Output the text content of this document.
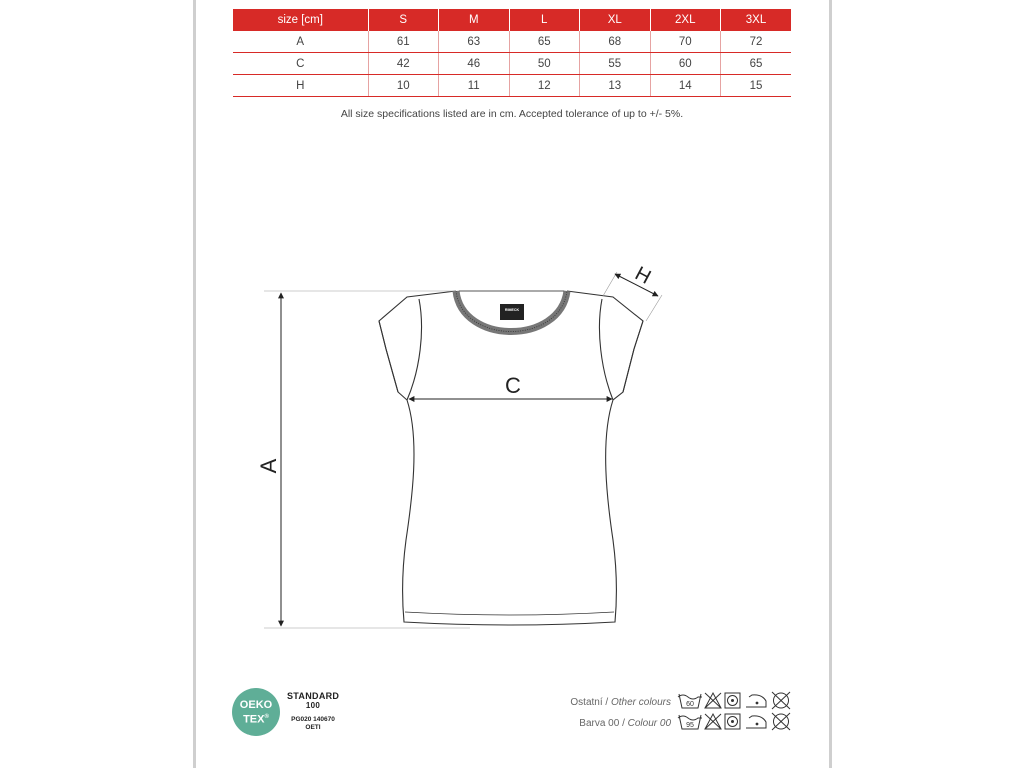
size [cm]	S	M	L	XL	2XL	3XL
A	61	63	65	68	70	72
C	42	46	50	55	60	65
H	10	11	12	13	14	15
All size specifications listed are in cm. Accepted tolerance of up to +/- 5%.
RIMECK
A
C
H
60
95
OEKO
TEX®
STANDARD
100
PG020 140670
OETI
Ostatní / Other colours
Barva 00 / Colour 00
